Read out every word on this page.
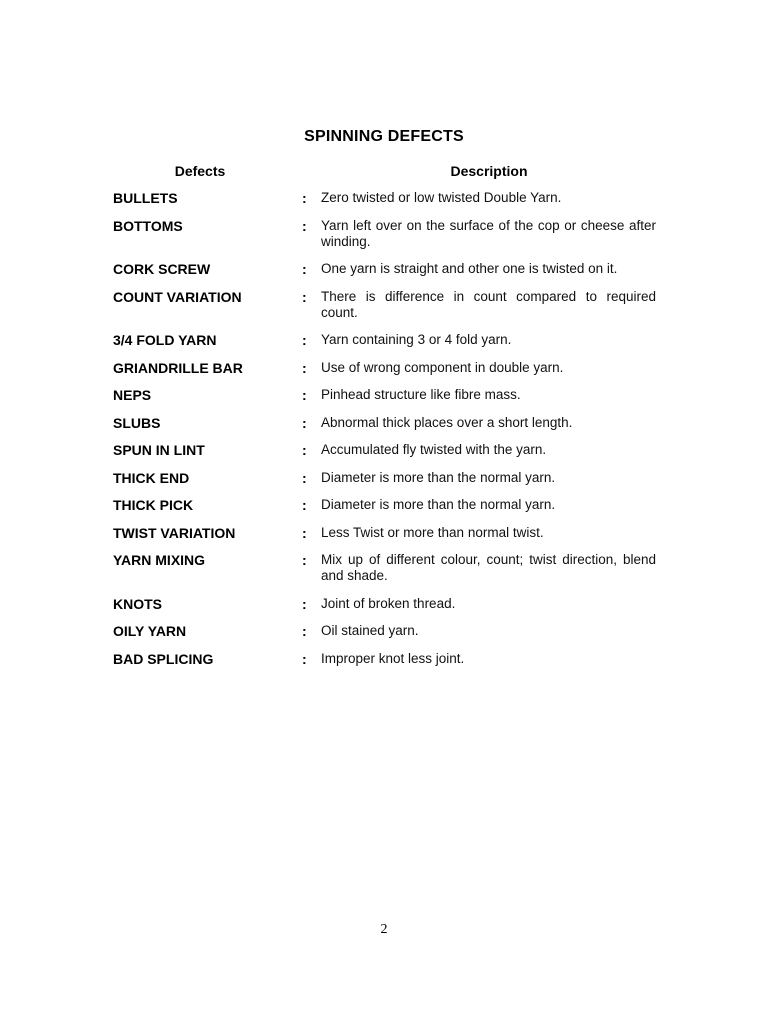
SPINNING DEFECTS
Defects	Description
BULLETS	: Zero twisted or low twisted Double Yarn.
BOTTOMS	: Yarn left over on the surface of the cop or cheese after winding.
CORK SCREW	: One yarn is straight and other one is twisted on it.
COUNT VARIATION	: There is difference in count compared to required count.
3/4 FOLD YARN	: Yarn containing 3 or 4 fold yarn.
GRIANDRILLE BAR	: Use of wrong component in double yarn.
NEPS	: Pinhead structure like fibre mass.
SLUBS	: Abnormal thick places over a short length.
SPUN IN LINT	: Accumulated fly twisted with the yarn.
THICK END	: Diameter is more than the normal yarn.
THICK PICK	: Diameter is more than the normal yarn.
TWIST VARIATION	: Less Twist or more than normal twist.
YARN MIXING	: Mix up of different colour, count; twist direction, blend and shade.
KNOTS	: Joint of broken thread.
OILY YARN	: Oil stained yarn.
BAD SPLICING	: Improper knot less joint.
2
